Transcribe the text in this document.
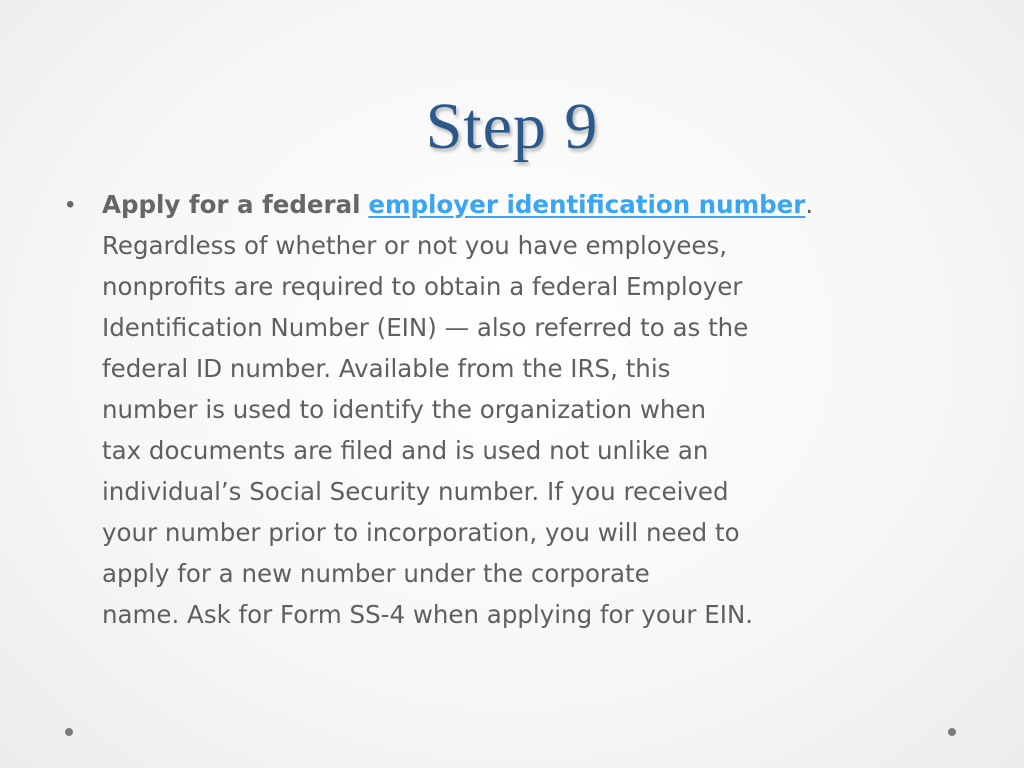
Step 9
• Apply for a federal employer identification number.
Regardless of whether or not you have employees,
nonprofits are required to obtain a federal Employer
Identification Number (EIN) — also referred to as the
federal ID number. Available from the IRS, this
number is used to identify the organization when
tax documents are filed and is used not unlike an
individual’s Social Security number. If you received
your number prior to incorporation, you will need to
apply for a new number under the corporate
name. Ask for Form SS-4 when applying for your EIN.
